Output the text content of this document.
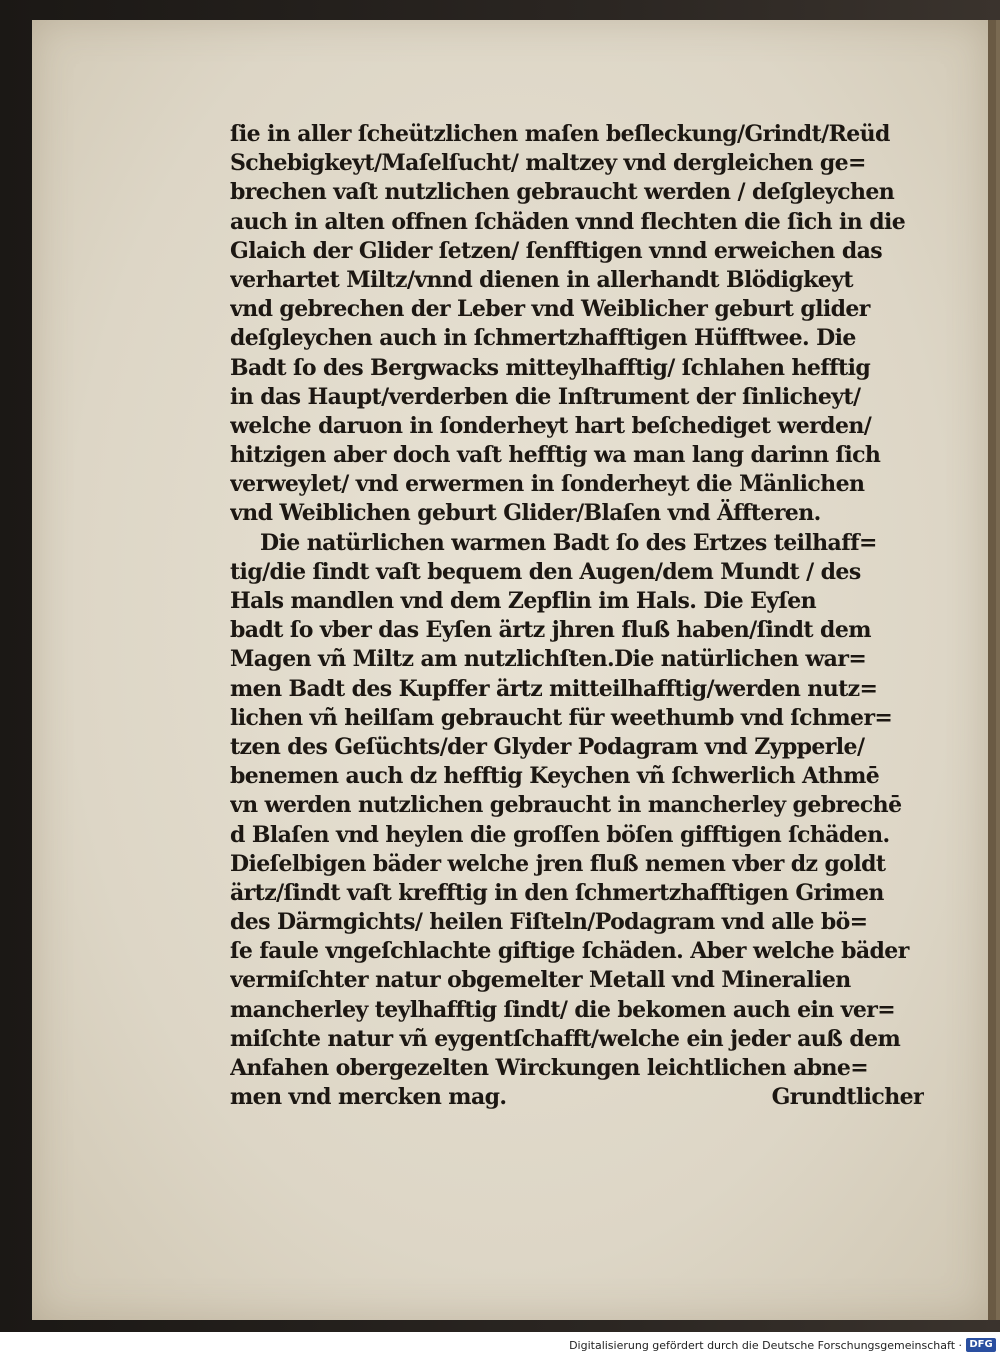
ſie in aller ſcheützlichen maſen beſleckung/Grindt/Reüd
Schebigkeyt/Maſelſucht/ maltzey vnd dergleichen ge=
brechen vaſt nutzlichen gebraucht werden / deſgleychen
auch in alten offnen ſchäden vnnd flechten die ſich in die
Glaich der Glider ſetzen/ ſenfftigen vnnd erweichen das
verhartet Miltz/vnnd dienen in allerhandt Blödigkeyt
vnd gebrechen der Leber vnd Weiblicher geburt glider
deſgleychen auch in ſchmertzhafftigen Hüfftwee. Die
Badt ſo des Bergwacks mitteylhafftig/ ſchlahen hefftig
in das Haupt/verderben die Inſtrument der ſinlicheyt/
welche daruon in ſonderheyt hart beſchediget werden/
hitzigen aber doch vaſt hefftig wa man lang darinn ſich
verweylet/ vnd erwermen in ſonderheyt die Mänlichen
vnd Weiblichen geburt Glider/Blaſen vnd Äffteren.
Die natürlichen warmen Badt ſo des Ertzes teilhaff=
tig/die ſindt vaſt bequem den Augen/dem Mundt / des
Hals mandlen vnd dem Zepflin im Hals. Die Eyſen
badt ſo vber das Eyſen ärtz jhren fluß haben/ſindt dem
Magen vñ Miltz am nutzlichſten.Die natürlichen war=
men Badt des Kupffer ärtz mitteilhafftig/werden nutz=
lichen vñ heilſam gebraucht für weethumb vnd ſchmer=
tzen des Geſüchts/der Glyder Podagram vnd Zypperle/
benemen auch dz hefftig Keychen vñ ſchwerlich Athmē
vn werden nutzlichen gebraucht in mancherley gebrechē
d Blaſen vnd heylen die groſſen böſen gifftigen ſchäden.
Dieſelbigen bäder welche jren fluß nemen vber dz goldt
ärtz/ſindt vaſt krefftig in den ſchmertzhafftigen Grimen
des Därmgichts/ heilen Fiſteln/Podagram vnd alle bö=
ſe faule vngeſchlachte giftige ſchäden. Aber welche bäder
vermiſchter natur obgemelter Metall vnd Mineralien
mancherley teylhafftig ſindt/ die bekomen auch ein ver=
miſchte natur vñ eygentſchafft/welche ein jeder auß dem
Anfahen obergezelten Wirckungen leichtlichen abne=
men vnd mercken mag.	Grundtlicher
Digitalisierung gefördert durch die Deutsche Forschungsgemeinschaft · DFG
